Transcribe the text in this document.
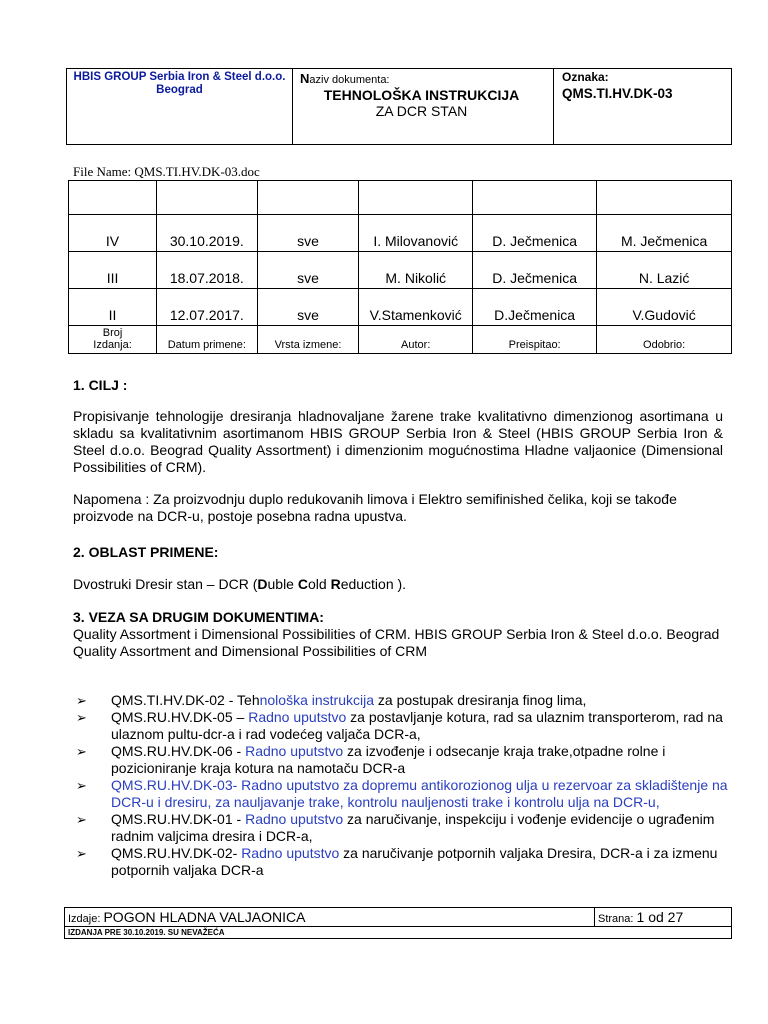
HBIS GROUP Serbia Iron & Steel d.o.o. Beograd
Naziv dokumenta:
TEHNOLOŠKA INSTRUKCIJA
ZA DCR STAN
Oznaka:
QMS.TI.HV.DK-03
File Name: QMS.TI.HV.DK-03.doc

IV	30.10.2019.	sve	I. Milovanović	D. Ječmenica	M. Ječmenica
III	18.07.2018.	sve	M. Nikolić	D. Ječmenica	N. Lazić
II	12.07.2017.	sve	V.Stamenković	D.Ječmenica	V.Gudović
Broj
Izdanja:	Datum primene:	Vrsta izmene:	Autor:	Preispitao:	Odobrio:
1. CILJ :
Propisivanje tehnologije dresiranja hladnovaljane žarene trake kvalitativno dimenzionog asortimana u skladu sa kvalitativnim asortimanom HBIS GROUP Serbia Iron & Steel (HBIS GROUP Serbia Iron & Steel d.o.o. Beograd Quality Assortment) i dimenzionim mogućnostima Hladne valjaonice (Dimensional Possibilities of CRM).
Napomena : Za proizvodnju duplo redukovanih limova i Elektro semifinished čelika, koji se takođe proizvode na DCR-u, postoje posebna radna upustva.
2. OBLAST PRIMENE:
Dvostruki Dresir stan – DCR (Duble Cold Reduction ).
3. VEZA SA DRUGIM DOKUMENTIMA:
Quality Assortment i Dimensional Possibilities of CRM. HBIS GROUP Serbia Iron & Steel d.o.o. Beograd Quality Assortment and Dimensional Possibilities of CRM
➢ QMS.TI.HV.DK-02 - Tehnološka instrukcija za postupak dresiranja finog lima,
➢ QMS.RU.HV.DK-05 – Radno uputstvo za postavljanje kotura, rad sa ulaznim transporterom, rad na ulaznom pultu-dcr-a i rad vodećeg valjača DCR-a,
➢ QMS.RU.HV.DK-06 - Radno uputstvo za izvođenje i odsecanje kraja trake,otpadne rolne i pozicioniranje kraja kotura na namotaču DCR-a
➢ QMS.RU.HV.DK-03- Radno uputstvo za dopremu antikorozionog ulja u rezervoar za skladištenje na DCR-u i dresiru, za nauljavanje trake, kontrolu nauljenosti trake i kontrolu ulja na DCR-u,
➢ QMS.RU.HV.DK-01 - Radno uputstvo za naručivanje, inspekciju i vođenje evidencije o ugrađenim radnim valjcima dresira i DCR-a,
➢ QMS.RU.HV.DK-02- Radno uputstvo za naručivanje potpornih valjaka Dresira, DCR-a i za izmenu potpornih valjaka DCR-a
Izdaje: POGON HLADNA VALJAONICA	Strana: 1 od 27
IZDANJA PRE 30.10.2019. SU NEVAŽEĆA
